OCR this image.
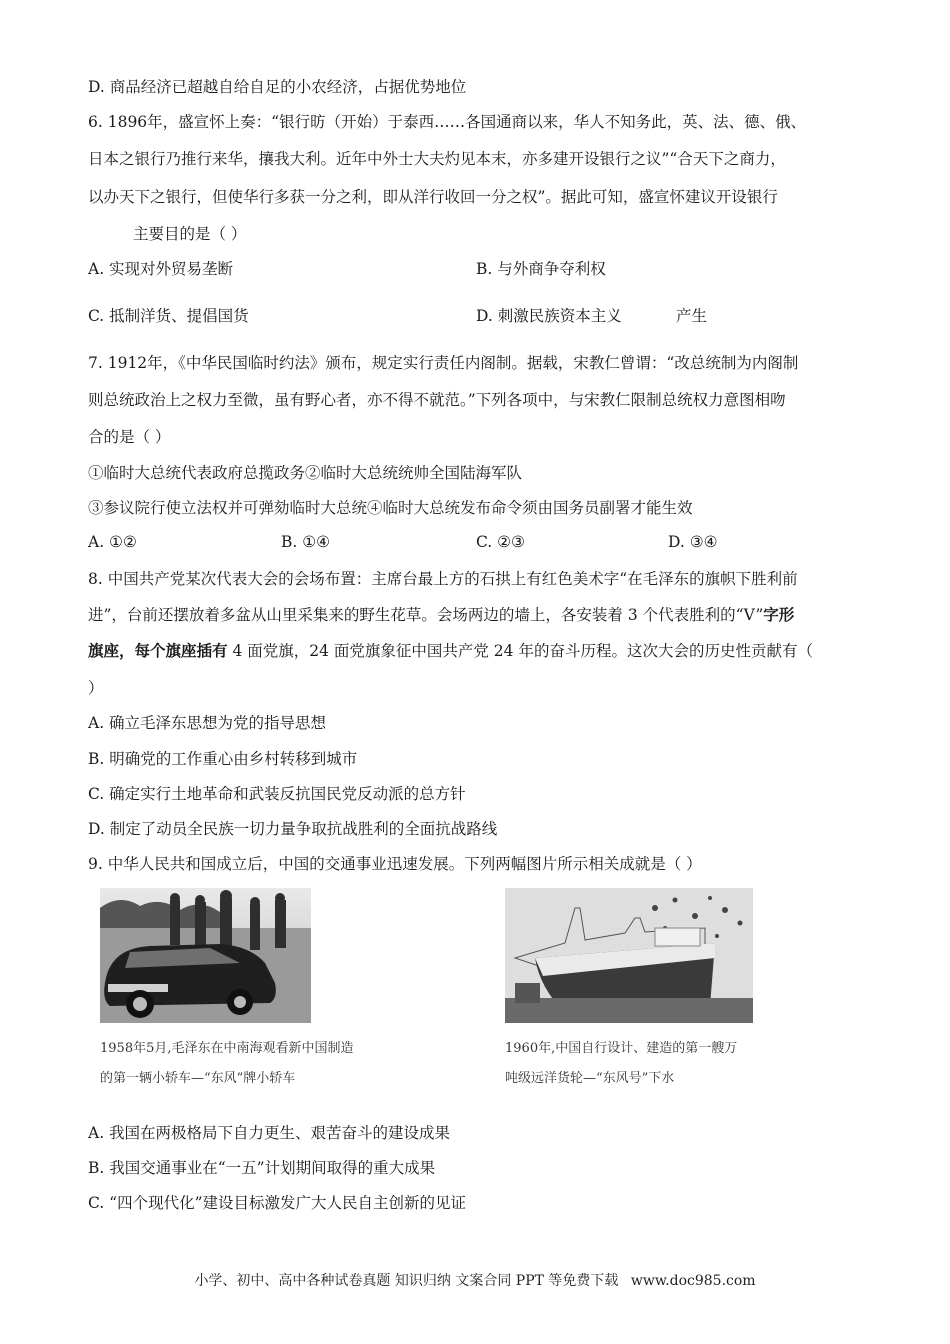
D. 商品经济已超越自给自足的小农经济，占据优势地位
6. 1896年，盛宣怀上奏：“银行昉（开始）于泰西……各国通商以来，华人不知务此，英、法、德、俄、
日本之银行乃推行来华，攘我大利。近年中外士大夫灼见本末，亦多建开设银行之议”“合天下之商力，
以办天下之银行，但使华行多获一分之利，即从洋行收回一分之权”。据此可知，盛宣怀建议开设银行
主要目的是（ ）
A. 实现对外贸易垄断	B. 与外商争夺利权
C. 抵制洋货、提倡国货	D. 刺激民族资本主义	产生
7. 1912年，《中华民国临时约法》颁布，规定实行责任内阁制。据载，宋教仁曾谓：“改总统制为内阁制
则总统政治上之权力至微，虽有野心者，亦不得不就范。”下列各项中，与宋教仁限制总统权力意图相吻
合的是（ ）
①临时大总统代表政府总揽政务②临时大总统统帅全国陆海军队
③参议院行使立法权并可弹劾临时大总统④临时大总统发布命令须由国务员副署才能生效
A. ①②	B. ①④	C. ②③	D. ③④
8. 中国共产党某次代表大会的会场布置：主席台最上方的石拱上有红色美术字“在毛泽东的旗帜下胜利前
进”，台前还摆放着多盆从山里采集来的野生花草。会场两边的墙上，各安装着 3 个代表胜利的“V”字形
旗座，每个旗座插有 4 面党旗，24 面党旗象征中国共产党 24 年的奋斗历程。这次大会的历史性贡献有（
）
A. 确立毛泽东思想为党的指导思想
B. 明确党的工作重心由乡村转移到城市
C. 确定实行土地革命和武装反抗国民党反动派的总方针
D. 制定了动员全民族一切力量争取抗战胜利的全面抗战路线
9. 中华人民共和国成立后，中国的交通事业迅速发展。下列两幅图片所示相关成就是（ ）
1958年5月,毛泽东在中南海观看新中国制造
的第一辆小轿车—“东风”牌小轿车
1960年,中国自行设计、建造的第一艘万
吨级远洋货轮—“东风号”下水
A. 我国在两极格局下自力更生、艰苦奋斗的建设成果
B. 我国交通事业在“一五”计划期间取得的重大成果
C. “四个现代化”建设目标激发广大人民自主创新的见证
小学、初中、高中各种试卷真题 知识归纳 文案合同 PPT 等免费下载 www.doc985.com
